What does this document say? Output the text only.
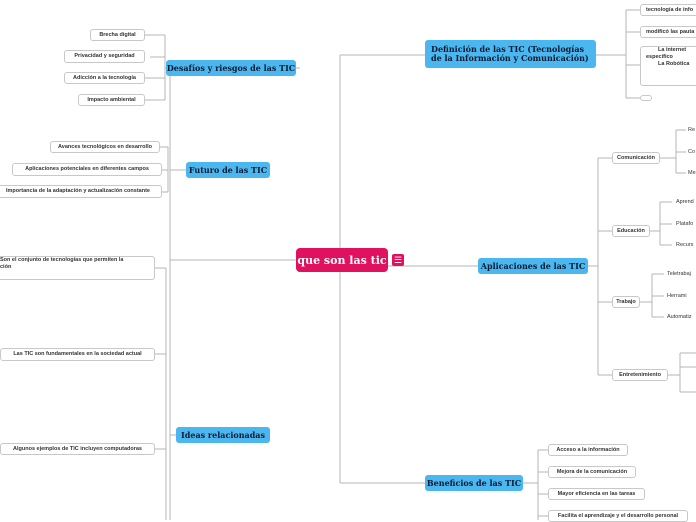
que son las tic ☰
Desafíos y riesgos de las TIC
Brecha digital
Privacidad y seguridad
Adicción a la tecnología
Impacto ambiental
Futuro de las TIC
Avances tecnológicos en desarrollo
Aplicaciones potenciales en diferentes campos
Importancia de la adaptación y actualización constante
Ideas relacionadas
Son el conjunto de tecnologías que permiten la
ción
Las TIC son fundamentales en la sociedad actual
Algunos ejemplos de TIC incluyen computadoras
Definición de las TIC (Tecnologías de la Información y Comunicación)
tecnología de info
modificó las pauta
La internet
específico
La Robótica
Aplicaciones de las TIC
Comunicación
Re
Co
Me
Educación
Aprend
Platafo
Recurs
Trabajo
Teletrabaj
Herrami
Automatiz
Entretenimiento
Beneficios de las TIC
Acceso a la información
Mejora de la comunicación
Mayor eficiencia en las tareas
Facilita el aprendizaje y el desarrollo personal
